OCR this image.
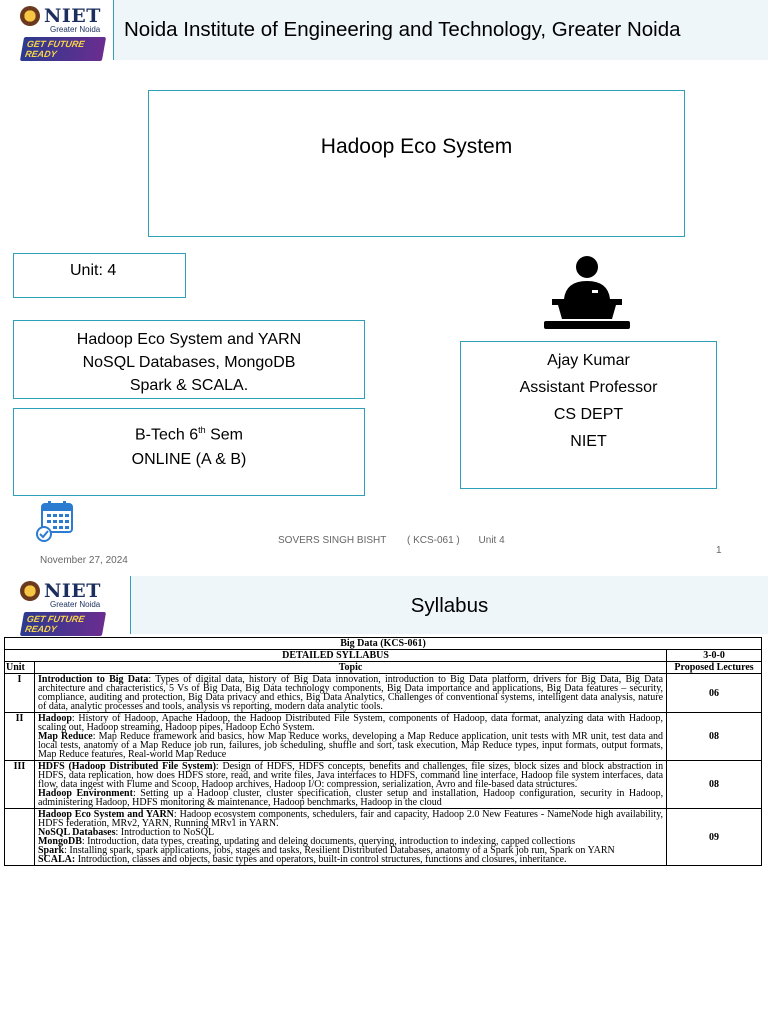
NIET
Greater Noida
GET FUTURE READY
Noida Institute of Engineering and Technology, Greater Noida
Hadoop Eco System
Unit: 4
Hadoop Eco System and YARN
NoSQL Databases, MongoDB
Spark & SCALA.
B-Tech 6th Sem
ONLINE (A & B)
Ajay Kumar
Assistant Professor
CS DEPT
NIET
SOVERS SINGH BISHT ( KCS-061 ) Unit 4
November 27, 2024
1
NIET
Greater Noida
GET FUTURE READY
Syllabus
Big Data (KCS-061)		
DETAILED SYLLABUS		3-0-0
Unit	Topic	Proposed Lectures
I	Introduction to Big Data: Types of digital data, history of Big Data innovation, introduction to Big Data platform, drivers for Big Data, Big Data architecture and characteristics, 5 Vs of Big Data, Big Data technology components, Big Data importance and applications, Big Data features – security, compliance, auditing and protection, Big Data privacy and ethics, Big Data Analytics, Challenges of conventional systems, intelligent data analysis, nature of data, analytic processes and tools, analysis vs reporting, modern data analytic tools.	06
II	Hadoop: History of Hadoop, Apache Hadoop, the Hadoop Distributed File System, components of Hadoop, data format, analyzing data with Hadoop, scaling out, Hadoop streaming, Hadoop pipes, Hadoop Echo System.
Map Reduce: Map Reduce framework and basics, how Map Reduce works, developing a Map Reduce application, unit tests with MR unit, test data and local tests, anatomy of a Map Reduce job run, failures, job scheduling, shuffle and sort, task execution, Map Reduce types, input formats, output formats, Map Reduce features, Real-world Map Reduce	08
III	HDFS (Hadoop Distributed File System): Design of HDFS, HDFS concepts, benefits and challenges, file sizes, block sizes and block abstraction in HDFS, data replication, how does HDFS store, read, and write files, Java interfaces to HDFS, command line interface, Hadoop file system interfaces, data flow, data ingest with Flume and Scoop, Hadoop archives, Hadoop I/O: compression, serialization, Avro and file-based data structures.
Hadoop Environment: Setting up a Hadoop cluster, cluster specification, cluster setup and installation, Hadoop configuration, security in Hadoop, administering Hadoop, HDFS monitoring & maintenance, Hadoop benchmarks, Hadoop in the cloud	08
	Hadoop Eco System and YARN: Hadoop ecosystem components, schedulers, fair and capacity, Hadoop 2.0 New Features - NameNode high availability, HDFS federation, MRv2, YARN, Running MRv1 in YARN.
NoSQL Databases: Introduction to NoSQL
MongoDB: Introduction, data types, creating, updating and deleing documents, querying, introduction to indexing, capped collections
Spark: Installing spark, spark applications, jobs, stages and tasks, Resilient Distributed Databases, anatomy of a Spark job run, Spark on YARN
SCALA: Introduction, classes and objects, basic types and operators, built-in control structures, functions and closures, inheritance.	09
